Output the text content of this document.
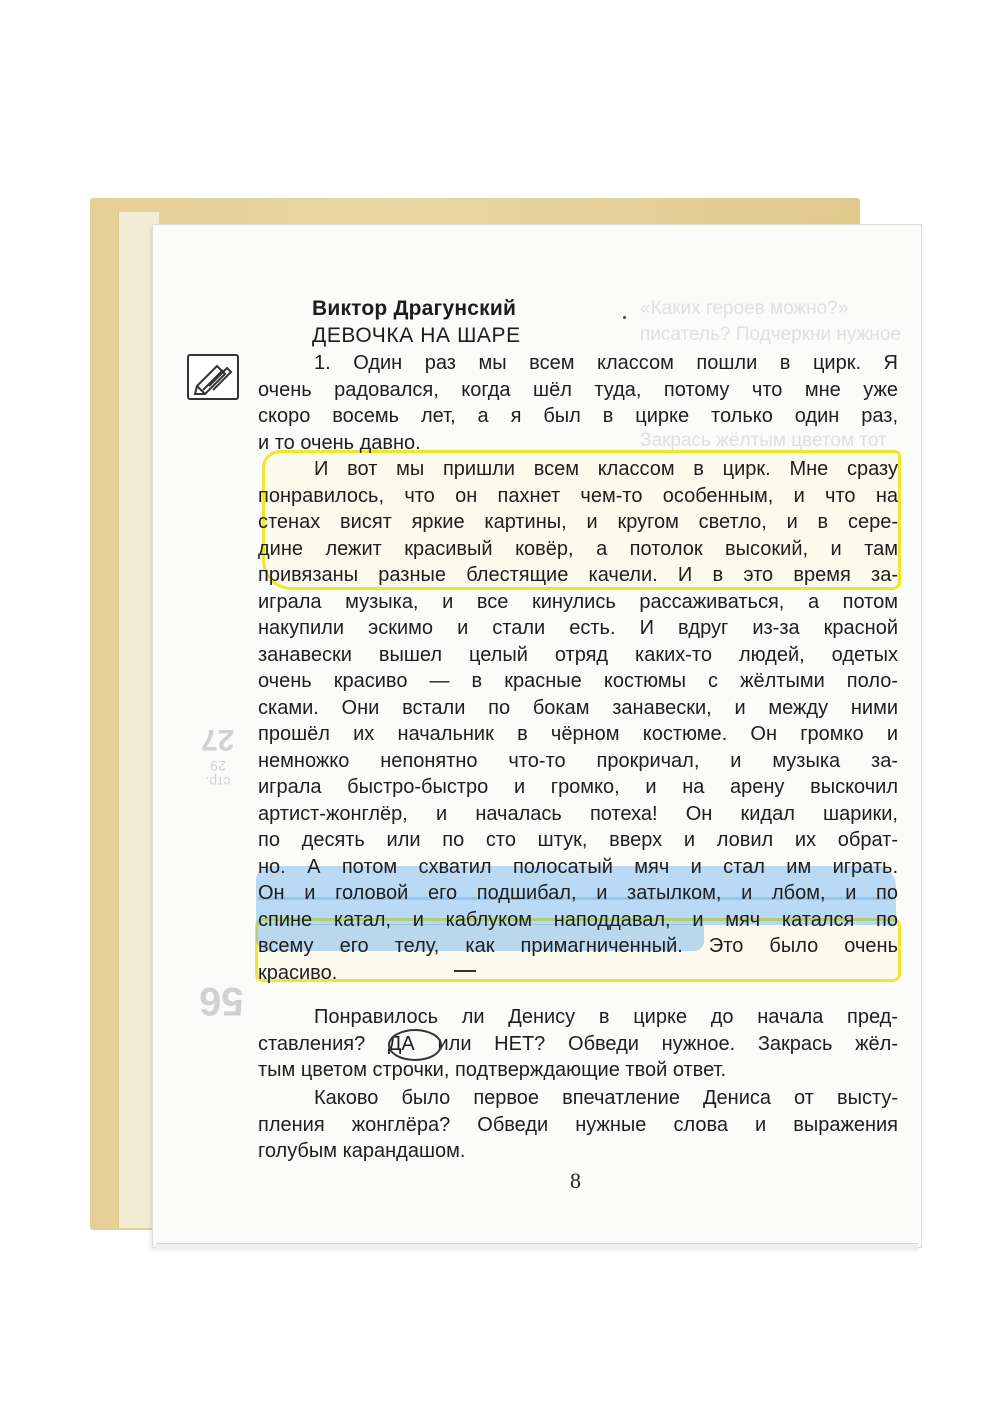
«Каких героев можно?»
писатель? Подчеркни нужное
Закрась жёлтым цветом тот
27
стр. 29
56
Виктор Драгунский
ДЕВОЧКА НА ШАРЕ
1. Один раз мы всем классом пошли в цирк. Я
очень радовался, когда шёл туда, потому что мне уже
скоро восемь лет, а я был в цирке только один раз,
и то очень давно.
И вот мы пришли всем классом в цирк. Мне сразу
понравилось, что он пахнет чем-то особенным, и что на
стенах висят яркие картины, и кругом светло, и в сере-
дине лежит красивый ковёр, а потолок высокий, и там
привязаны разные блестящие качели. И в это время за-
играла музыка, и все кинулись рассаживаться, а потом
накупили эскимо и стали есть. И вдруг из-за красной
занавески вышел целый отряд каких-то людей, одетых
очень красиво — в красные костюмы с жёлтыми поло-
сками. Они встали по бокам занавески, и между ними
прошёл их начальник в чёрном костюме. Он громко и
немножко непонятно что-то прокричал, и музыка за-
играла быстро-быстро и громко, и на арену выскочил
артист-жонглёр, и началась потеха! Он кидал шарики,
по десять или по сто штук, вверх и ловил их обрат-
но. А потом схватил полосатый мяч и стал им играть.
Он и головой его подшибал, и затылком, и лбом, и по
спине катал, и каблуком наподдавал, и мяч катался по
всему его телу, как примагниченный. Это было очень
красиво.
Понравилось ли Денису в цирке до начала пред-
ставления? ДА или НЕТ? Обведи нужное. Закрась жёл-
тым цветом строчки, подтверждающие твой ответ.
Каково было первое впечатление Дениса от высту-
пления жонглёра? Обведи нужные слова и выражения
голубым карандашом.
8
